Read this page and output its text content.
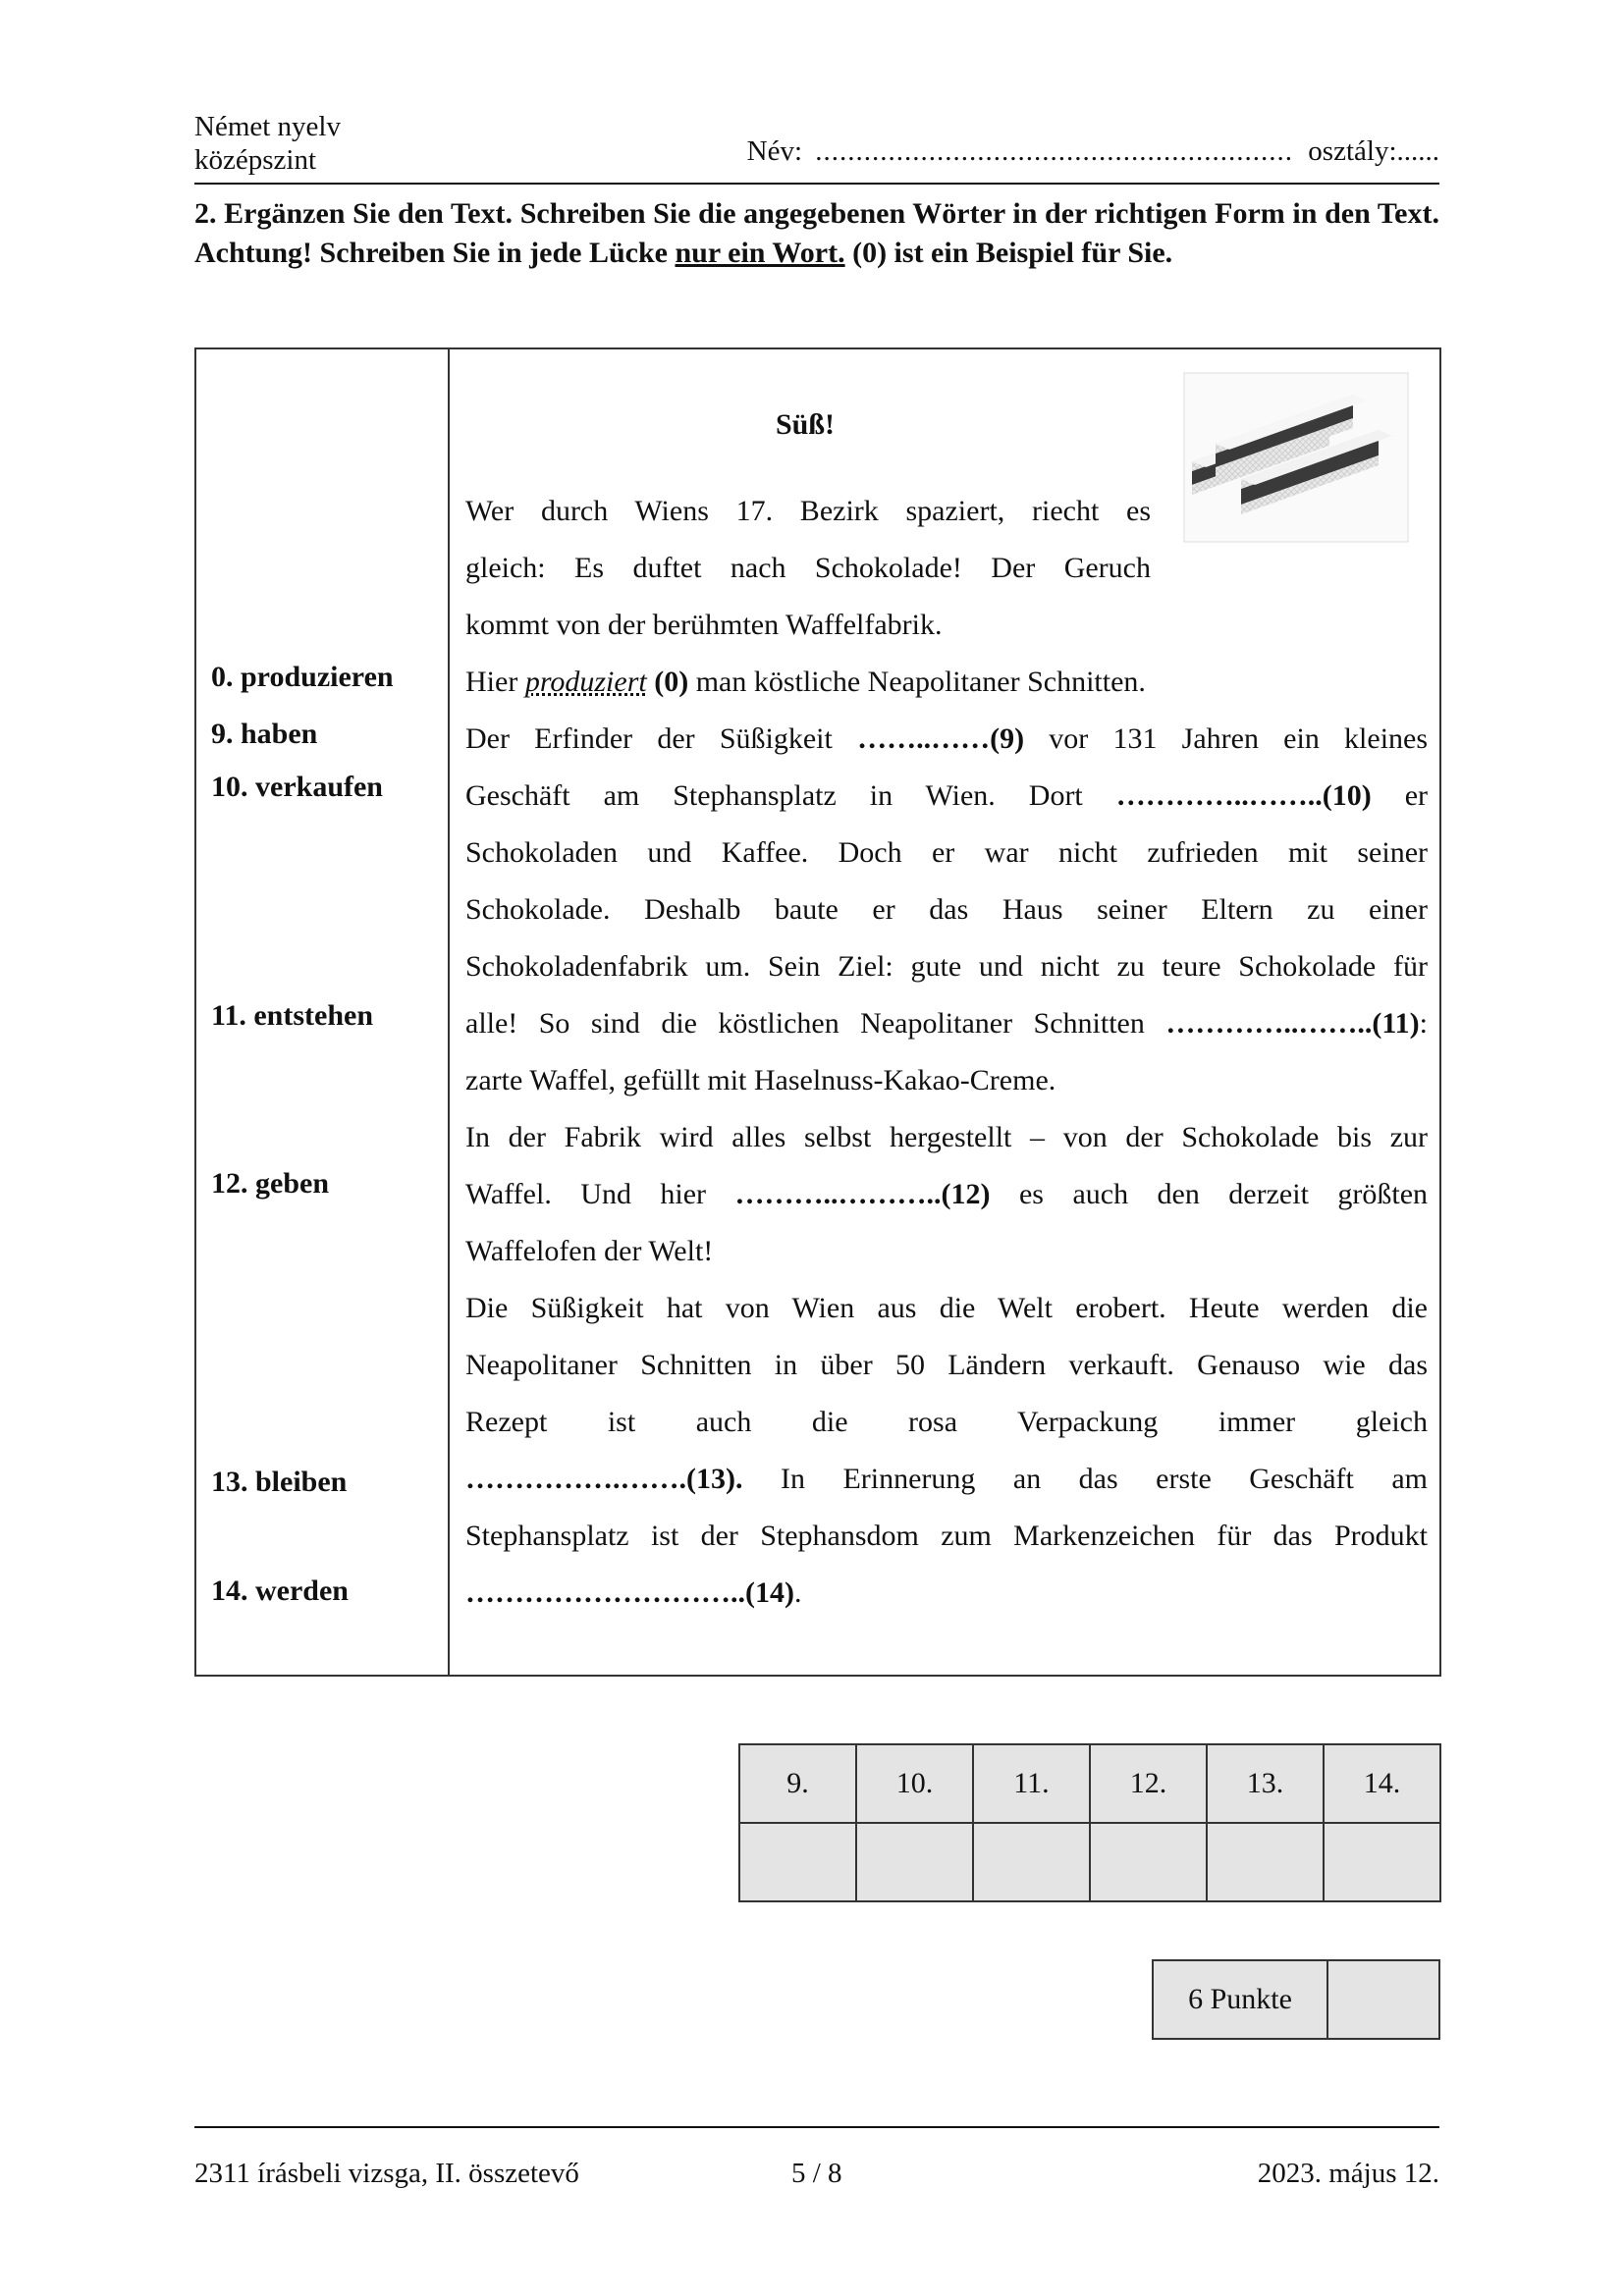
Német nyelv
középszint	Név: ........................................................... osztály:......
2. Ergänzen Sie den Text. Schreiben Sie die angegebenen Wörter in der richtigen Form in den Text. Achtung! Schreiben Sie in jede Lücke nur ein Wort. (0) ist ein Beispiel für Sie.
0. produzieren
9. haben
10. verkaufen
11. entstehen
12. geben
13. bleiben
14. werden
Süß!
Wer durch Wiens 17. Bezirk spaziert, riecht es
gleich: Es duftet nach Schokolade! Der Geruch
kommt von der berühmten Waffelfabrik.
Hier produziert (0) man köstliche Neapolitaner Schnitten.
Der Erfinder der Süßigkeit ……..……(9) vor 131 Jahren ein kleines
Geschäft am Stephansplatz in Wien. Dort …………..……..(10) er
Schokoladen und Kaffee. Doch er war nicht zufrieden mit seiner
Schokolade. Deshalb baute er das Haus seiner Eltern zu einer
Schokoladenfabrik um. Sein Ziel: gute und nicht zu teure Schokolade für
alle! So sind die köstlichen Neapolitaner Schnitten …………..……..(11):
zarte Waffel, gefüllt mit Haselnuss-Kakao-Creme.
In der Fabrik wird alles selbst hergestellt – von der Schokolade bis zur
Waffel. Und hier ………..………..(12) es auch den derzeit größten
Waffelofen der Welt!
Die Süßigkeit hat von Wien aus die Welt erobert. Heute werden die
Neapolitaner Schnitten in über 50 Ländern verkauft. Genauso wie das
Rezept ist auch die rosa Verpackung immer gleich
…………….…….(13). In Erinnerung an das erste Geschäft am
Stephansplatz ist der Stephansdom zum Markenzeichen für das Produkt
………………………..(14).
9.	10.	11.	12.	13.	14.

6 Punkte	
2311 írásbeli vizsga, II. összetevő	5 / 8	2023. május 12.
